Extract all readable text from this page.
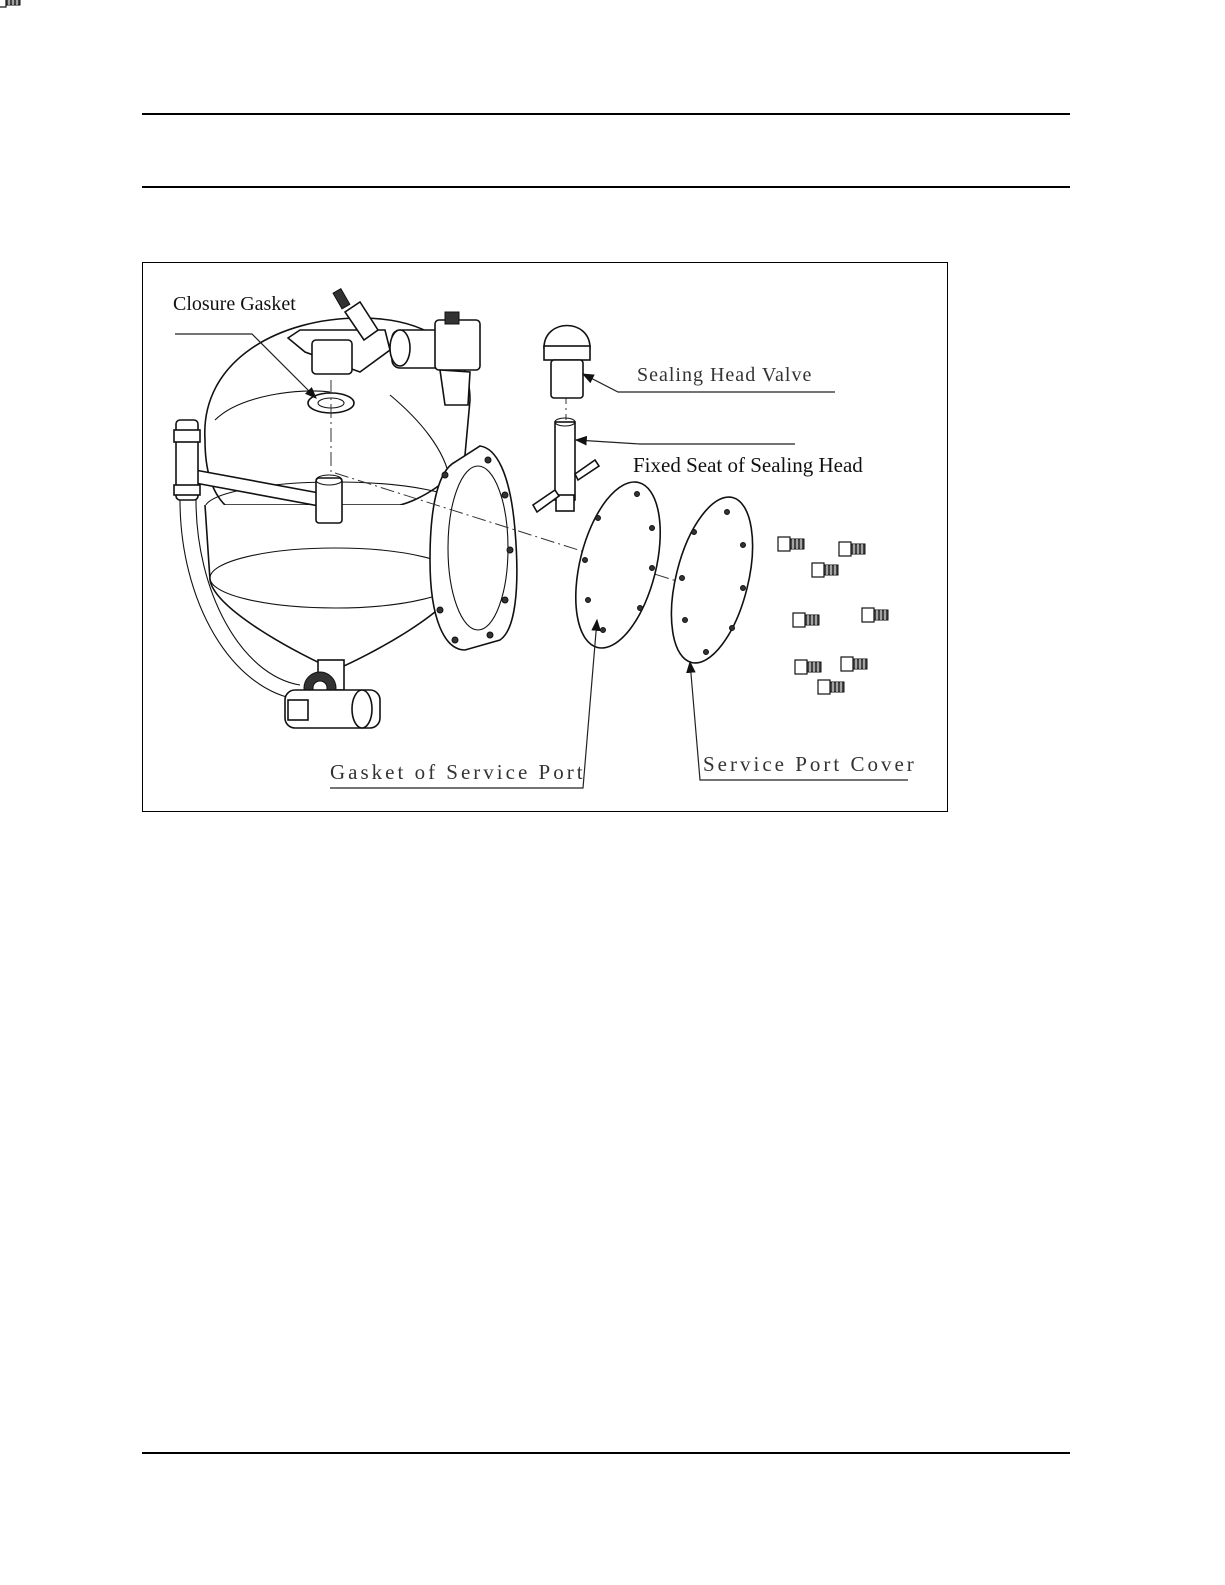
Closure Gasket
Sealing Head Valve
Fixed Seat of Sealing Head
Gasket of Service Port	Service Port Cover
